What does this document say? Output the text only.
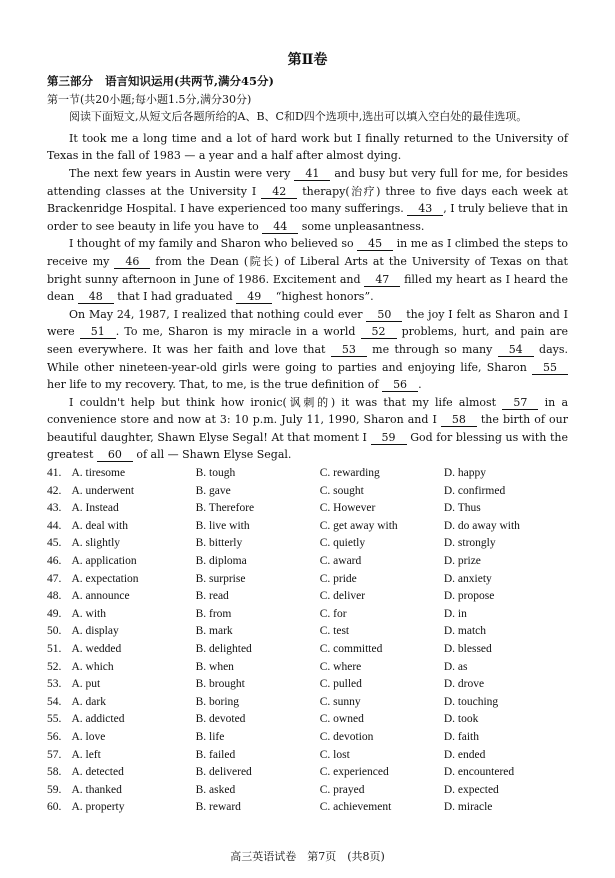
第Ⅱ卷
第三部分 语言知识运用(共两节,满分45分)
第一节(共20小题;每小题1.5分,满分30分)
阅读下面短文,从短文后各题所给的A、B、C和D四个选项中,选出可以填入空白处的最佳选项。

It took me a long time and a lot of hard work but I finally returned to the University of Texas in the fall of 1983 — a year and a half after almost dying.

The next few years in Austin were very 41 and busy but very full for me, for besides attending classes at the University I 42 therapy(治疗) three to five days each week at Brackenridge Hospital. I have experienced too many sufferings. 43 , I truly believe that in order to see beauty in life you have to 44 some unpleasantness.

I thought of my family and Sharon who believed so 45 in me as I climbed the steps to receive my 46 from the Dean (院长) of Liberal Arts at the University of Texas on that bright sunny afternoon in June of 1986. Excitement and 47 filled my heart as I heard the dean 48 that I had graduated 49 “highest honors”.

On May 24, 1987, I realized that nothing could ever 50 the joy I felt as Sharon and I were 51 . To me, Sharon is my miracle in a world 52 problems, hurt, and pain are seen everywhere. It was her faith and love that 53 me through so many 54 days. While other nineteen-year-old girls were going to parties and enjoying life, Sharon 55 her life to my recovery. That, to me, is the true definition of 56 .

I couldn't help but think how ironic(讽刺的) it was that my life almost 57 in a convenience store and now at 3: 10 p.m. July 11, 1990, Sharon and I 58 the birth of our beautiful daughter, Shawn Elyse Segal! At that moment I 59 God for blessing us with the greatest 60 of all — Shawn Elyse Segal.

41. A. tiresome	B. tough	C. rewarding	D. happy
42. A. underwent	B. gave	C. sought	D. confirmed
43. A. Instead	B. Therefore	C. However	D. Thus
44. A. deal with	B. live with	C. get away with	D. do away with
45. A. slightly	B. bitterly	C. quietly	D. strongly
46. A. application	B. diploma	C. award	D. prize
47. A. expectation	B. surprise	C. pride	D. anxiety
48. A. announce	B. read	C. deliver	D. propose
49. A. with	B. from	C. for	D. in
50. A. display	B. mark	C. test	D. match
51. A. wedded	B. delighted	C. committed	D. blessed
52. A. which	B. when	C. where	D. as
53. A. put	B. brought	C. pulled	D. drove
54. A. dark	B. boring	C. sunny	D. touching
55. A. addicted	B. devoted	C. owned	D. took
56. A. love	B. life	C. devotion	D. faith
57. A. left	B. failed	C. lost	D. ended
58. A. detected	B. delivered	C. experienced	D. encountered
59. A. thanked	B. asked	C. prayed	D. expected
60. A. property	B. reward	C. achievement	D. miracle
高三英语试卷　第7页　(共8页)
